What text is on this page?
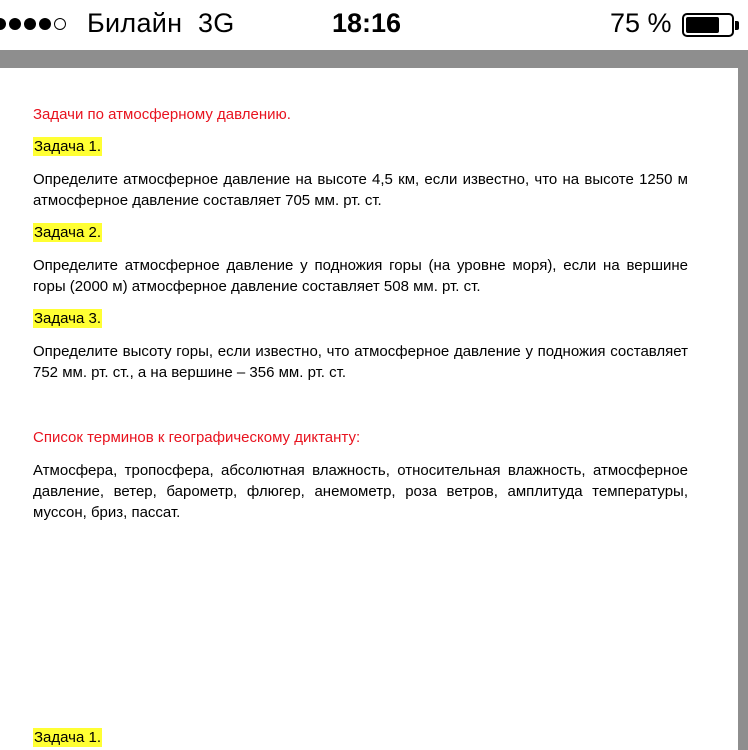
Билайн 3G	18:16	75 %
Задачи по атмосферному давлению.
Задача 1.

Определите атмосферное давление на высоте 4,5 км, если известно, что на высоте 1250 м атмосферное давление составляет 705 мм. рт. ст.

Задача 2.

Определите атмосферное давление у подножия горы (на уровне моря), если на вершине горы (2000 м) атмосферное давление составляет 508 мм. рт. ст.

Задача 3.

Определите высоту горы, если известно, что атмосферное давление у подножия составляет 752 мм. рт. ст., а на вершине – 356 мм. рт. ст.

Список терминов к географическому диктанту:

Атмосфера, тропосфера, абсолютная влажность, относительная влажность, атмосферное давление, ветер, барометр, флюгер, анемометр, роза ветров, амплитуда температуры, муссон, бриз, пассат.

Задача 1.
